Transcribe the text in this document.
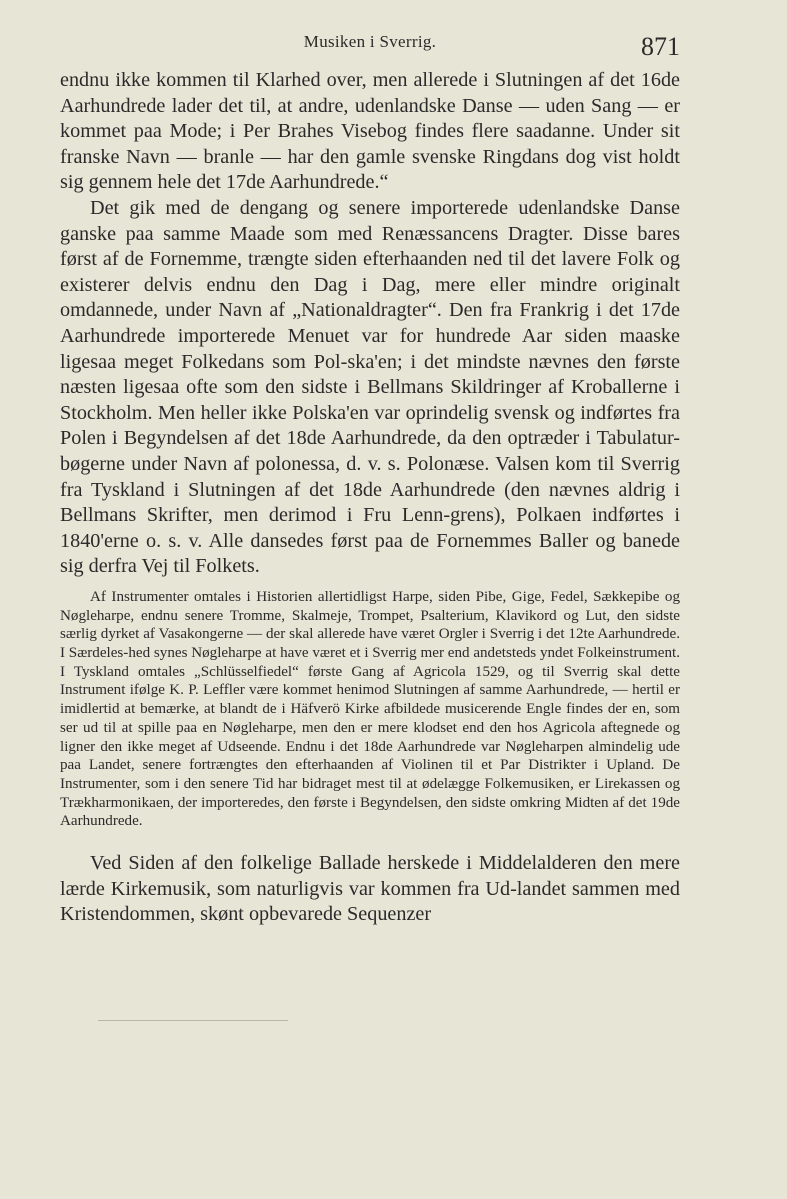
Musiken i Sverrig.	871

endnu ikke kommen til Klarhed over, men allerede i Slutningen af det 16de Aarhundrede lader det til, at andre, udenlandske Danse — uden Sang — er kommet paa Mode; i Per Brahes Visebog findes flere saadanne. Under sit franske Navn — branle — har den gamle svenske Ringdans dog vist holdt sig gennem hele det 17de Aarhundrede.“

Det gik med de dengang og senere importerede udenlandske Danse ganske paa samme Maade som med Renæssancens Dragter. Disse bares først af de Fornemme, trængte siden efterhaanden ned til det lavere Folk og existerer delvis endnu den Dag i Dag, mere eller mindre originalt omdannede, under Navn af „Nationaldragter“. Den fra Frankrig i det 17de Aarhundrede importerede Menuet var for hundrede Aar siden maaske ligesaa meget Folkedans som Pol-ska'en; i det mindste nævnes den første næsten ligesaa ofte som den sidste i Bellmans Skildringer af Kroballerne i Stockholm. Men heller ikke Polska'en var oprindelig svensk og indførtes fra Polen i Begyndelsen af det 18de Aarhundrede, da den optræder i Tabulatur-bøgerne under Navn af polonessa, d. v. s. Polonæse. Valsen kom til Sverrig fra Tyskland i Slutningen af det 18de Aarhundrede (den nævnes aldrig i Bellmans Skrifter, men derimod i Fru Lenn-grens), Polkaen indførtes i 1840'erne o. s. v. Alle dansedes først paa de Fornemmes Baller og banede sig derfra Vej til Folkets.

Af Instrumenter omtales i Historien allertidligst Harpe, siden Pibe, Gige, Fedel, Sækkepibe og Nøgleharpe, endnu senere Tromme, Skalmeje, Trompet, Psalterium, Klavikord og Lut, den sidste særlig dyrket af Vasakongerne — der skal allerede have været Orgler i Sverrig i det 12te Aarhundrede. I Særdeles-hed synes Nøgleharpe at have været et i Sverrig mer end andetsteds yndet Folkeinstrument. I Tyskland omtales „Schlüsselfiedel“ første Gang af Agricola 1529, og til Sverrig skal dette Instrument ifølge K. P. Leffler være kommet henimod Slutningen af samme Aarhundrede, — hertil er imidlertid at bemærke, at blandt de i Häfverö Kirke afbildede musicerende Engle findes der en, som ser ud til at spille paa en Nøgleharpe, men den er mere klodset end den hos Agricola aftegnede og ligner den ikke meget af Udseende. Endnu i det 18de Aarhundrede var Nøgleharpen almindelig ude paa Landet, senere fortrængtes den efterhaanden af Violinen til et Par Distrikter i Upland. De Instrumenter, som i den senere Tid har bidraget mest til at ødelægge Folkemusiken, er Lirekassen og Trækharmonikaen, der importeredes, den første i Begyndelsen, den sidste omkring Midten af det 19de Aarhundrede.

Ved Siden af den folkelige Ballade herskede i Middelalderen den mere lærde Kirkemusik, som naturligvis var kommen fra Ud-landet sammen med Kristendommen, skønt opbevarede Sequenzer
